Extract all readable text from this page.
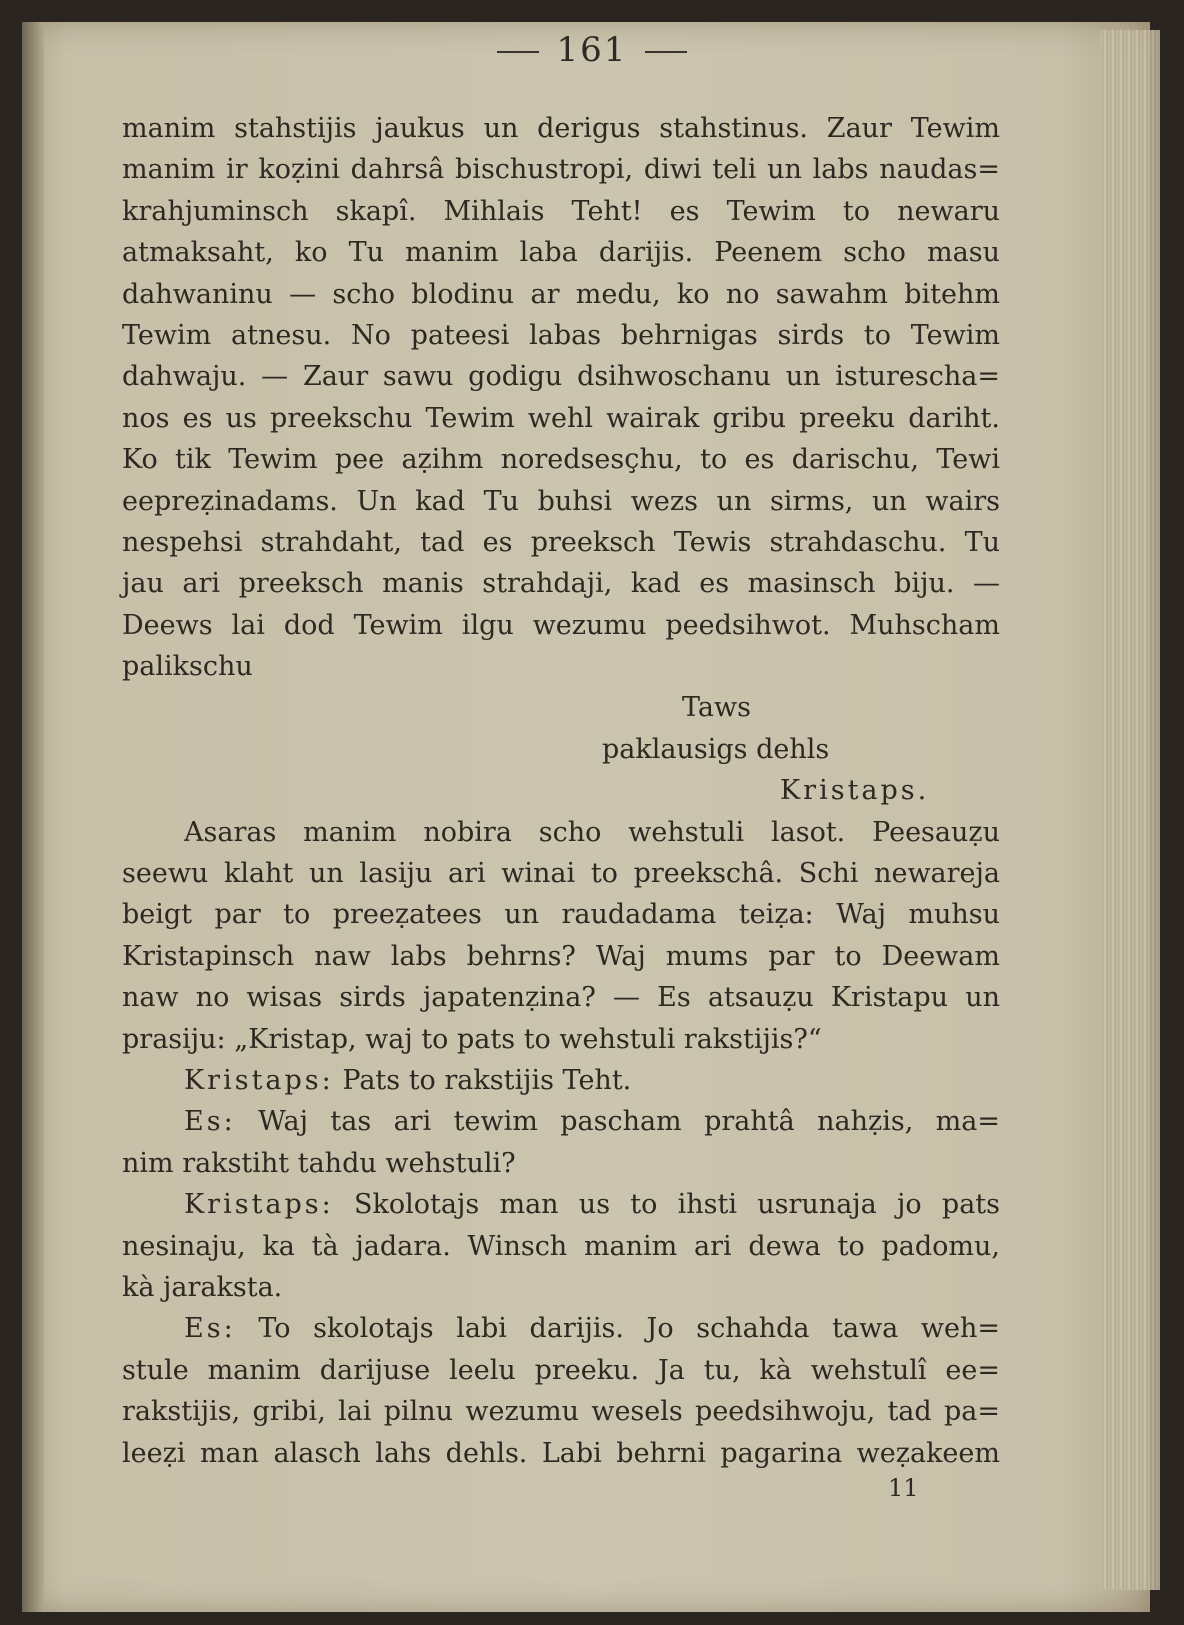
161
manim stahstijis jaukus un derigus stahstinus. Zaur Tewim
manim ir koẓini dahrsâ bischustropi, diwi teli un labs naudas=
krahjuminsch skapî. Mihlais Teht! es Tewim to newaru
atmaksaht, ko Tu manim laba darijis. Peenem scho masu
dahwaninu — scho blodinu ar medu, ko no sawahm bitehm
Tewim atnesu. No pateesi labas behrnigas sirds to Tewim
dahwaju. — Zaur sawu godigu dsihwoschanu un isturescha=
nos es us preekschu Tewim wehl wairak gribu preeku dariht.
Ko tik Tewim pee aẓihm noredsesçhu, to es darischu, Tewi
eepreẓinadams. Un kad Tu buhsi wezs un sirms, un wairs
nespehsi strahdaht, tad es preeksch Tewis strahdaschu. Tu
jau ari preeksch manis strahdaji, kad es masinsch biju. —
Deews lai dod Tewim ilgu wezumu peedsihwot. Muhscham
palikschu
Taws
paklausigs dehls
Kristaps.
Asaras manim nobira scho wehstuli lasot. Peesauẓu
seewu klaht un lasiju ari winai to preekschâ. Schi newareja
beigt par to preeẓatees un raudadama teiẓa: Waj muhsu
Kristapinsch naw labs behrns? Waj mums par to Deewam
naw no wisas sirds japatenẓina? — Es atsauẓu Kristapu un
prasiju: „Kristap, waj to pats to wehstuli rakstijis?“
Kristaps: Pats to rakstijis Teht.
Es: Waj tas ari tewim pascham prahtâ nahẓis, ma=
nim rakstiht tahdu wehstuli?
Kristaps: Skolotajs man us to ihsti usrunaja jo pats
nesinaju, ka tà jadara. Winsch manim ari dewa to padomu,
kà jaraksta.
Es: To skolotajs labi darijis. Jo schahda tawa weh=
stule manim darijuse leelu preeku. Ja tu, kà wehstulî ee=
rakstijis, gribi, lai pilnu wezumu wesels peedsihwoju, tad pa=
leeẓi man alasch lahs dehls. Labi behrni pagarina weẓakeem
11
